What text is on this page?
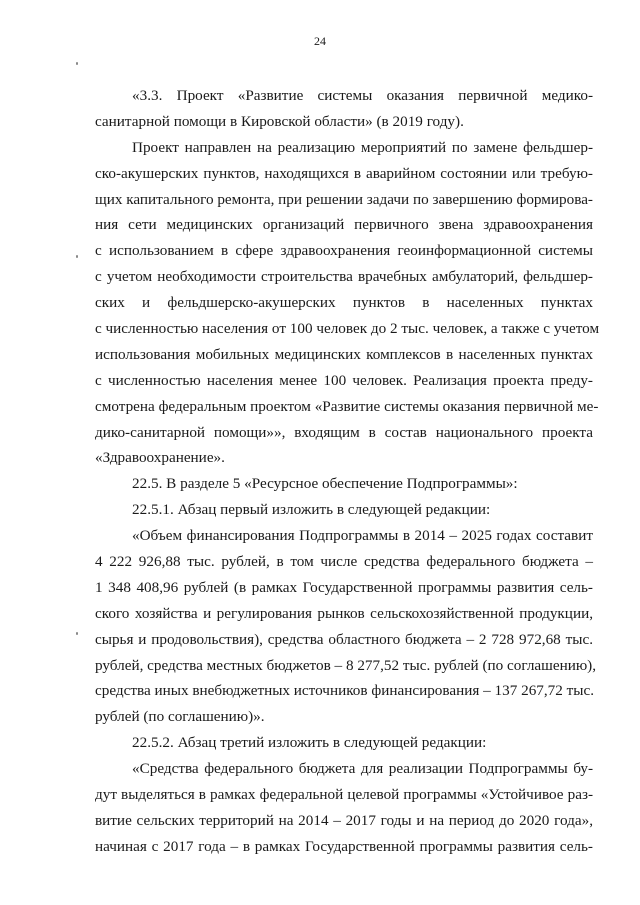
24
«3.3. Проект «Развитие системы оказания первичной медико-
санитарной помощи в Кировской области» (в 2019 году).
Проект направлен на реализацию мероприятий по замене фельдшер-
ско-акушерских пунктов, находящихся в аварийном состоянии или требую-
щих капитального ремонта, при решении задачи по завершению формирова-
ния сети медицинских организаций первичного звена здравоохранения
с использованием в сфере здравоохранения геоинформационной системы
с учетом необходимости строительства врачебных амбулаторий, фельдшер-
ских и фельдшерско-акушерских пунктов в населенных пунктах
с численностью населения от 100 человек до 2 тыс. человек, а также с учетом
использования мобильных медицинских комплексов в населенных пунктах
с численностью населения менее 100 человек. Реализация проекта преду-
смотрена федеральным проектом «Развитие системы оказания первичной ме-
дико-санитарной помощи»», входящим в состав национального проекта
«Здравоохранение».
22.5. В разделе 5 «Ресурсное обеспечение Подпрограммы»:
22.5.1. Абзац первый изложить в следующей редакции:
«Объем финансирования Подпрограммы в 2014 – 2025 годах составит
4 222 926,88 тыс. рублей, в том числе средства федерального бюджета –
1 348 408,96 рублей (в рамках Государственной программы развития сель-
ского хозяйства и регулирования рынков сельскохозяйственной продукции,
сырья и продовольствия), средства областного бюджета – 2 728 972,68 тыс.
рублей, средства местных бюджетов – 8 277,52 тыс. рублей (по соглашению),
средства иных внебюджетных источников финансирования – 137 267,72 тыс.
рублей (по соглашению)».
22.5.2. Абзац третий изложить в следующей редакции:
«Средства федерального бюджета для реализации Подпрограммы бу-
дут выделяться в рамках федеральной целевой программы «Устойчивое раз-
витие сельских территорий на 2014 – 2017 годы и на период до 2020 года»,
начиная с 2017 года – в рамках Государственной программы развития сель-
